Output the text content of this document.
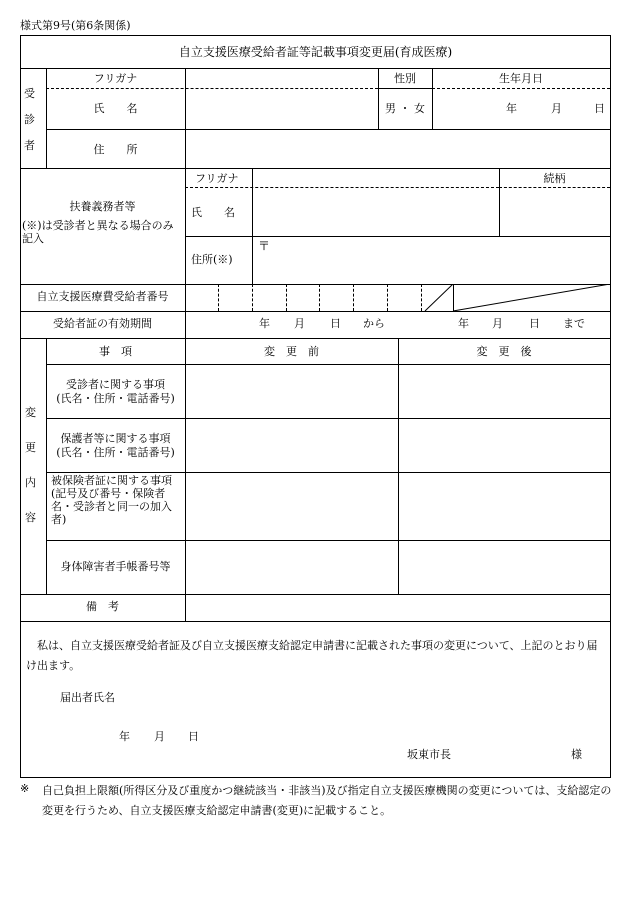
様式第9号(第6条関係)
自立支援医療受給者証等記載事項変更届(育成医療)
受
診
者
フリガナ	性別	生年月日
氏　　名	男 ・ 女	年	月	日
住　　所
扶養義務者等
(※)は受診者と異なる場合のみ記入
フリガナ	続柄
氏　　名
住所(※)
〒
自立支援医療費受給者番号
受給者証の有効期間	年 月 日 から	年 月 日 まで
変
更
内
容
事　項	変　更　前	変　更　後
受診者に関する事項
(氏名・住所・電話番号)
保護者等に関する事項
(氏名・住所・電話番号)
被保険者証に関する事項(記号及び番号・保険者名・受診者と同一の加入者)
身体障害者手帳番号等
備　考
私は、自立支援医療受給者証及び自立支援医療支給認定申請書に記載された事項の変更について、上記のとおり届け出ます。
届出者氏名
年 月 日
坂東市長	様
※ 自己負担上限額(所得区分及び重度かつ継続該当・非該当)及び指定自立支援医療機関の変更については、支給認定の変更を行うため、自立支援医療支給認定申請書(変更)に記載すること。
